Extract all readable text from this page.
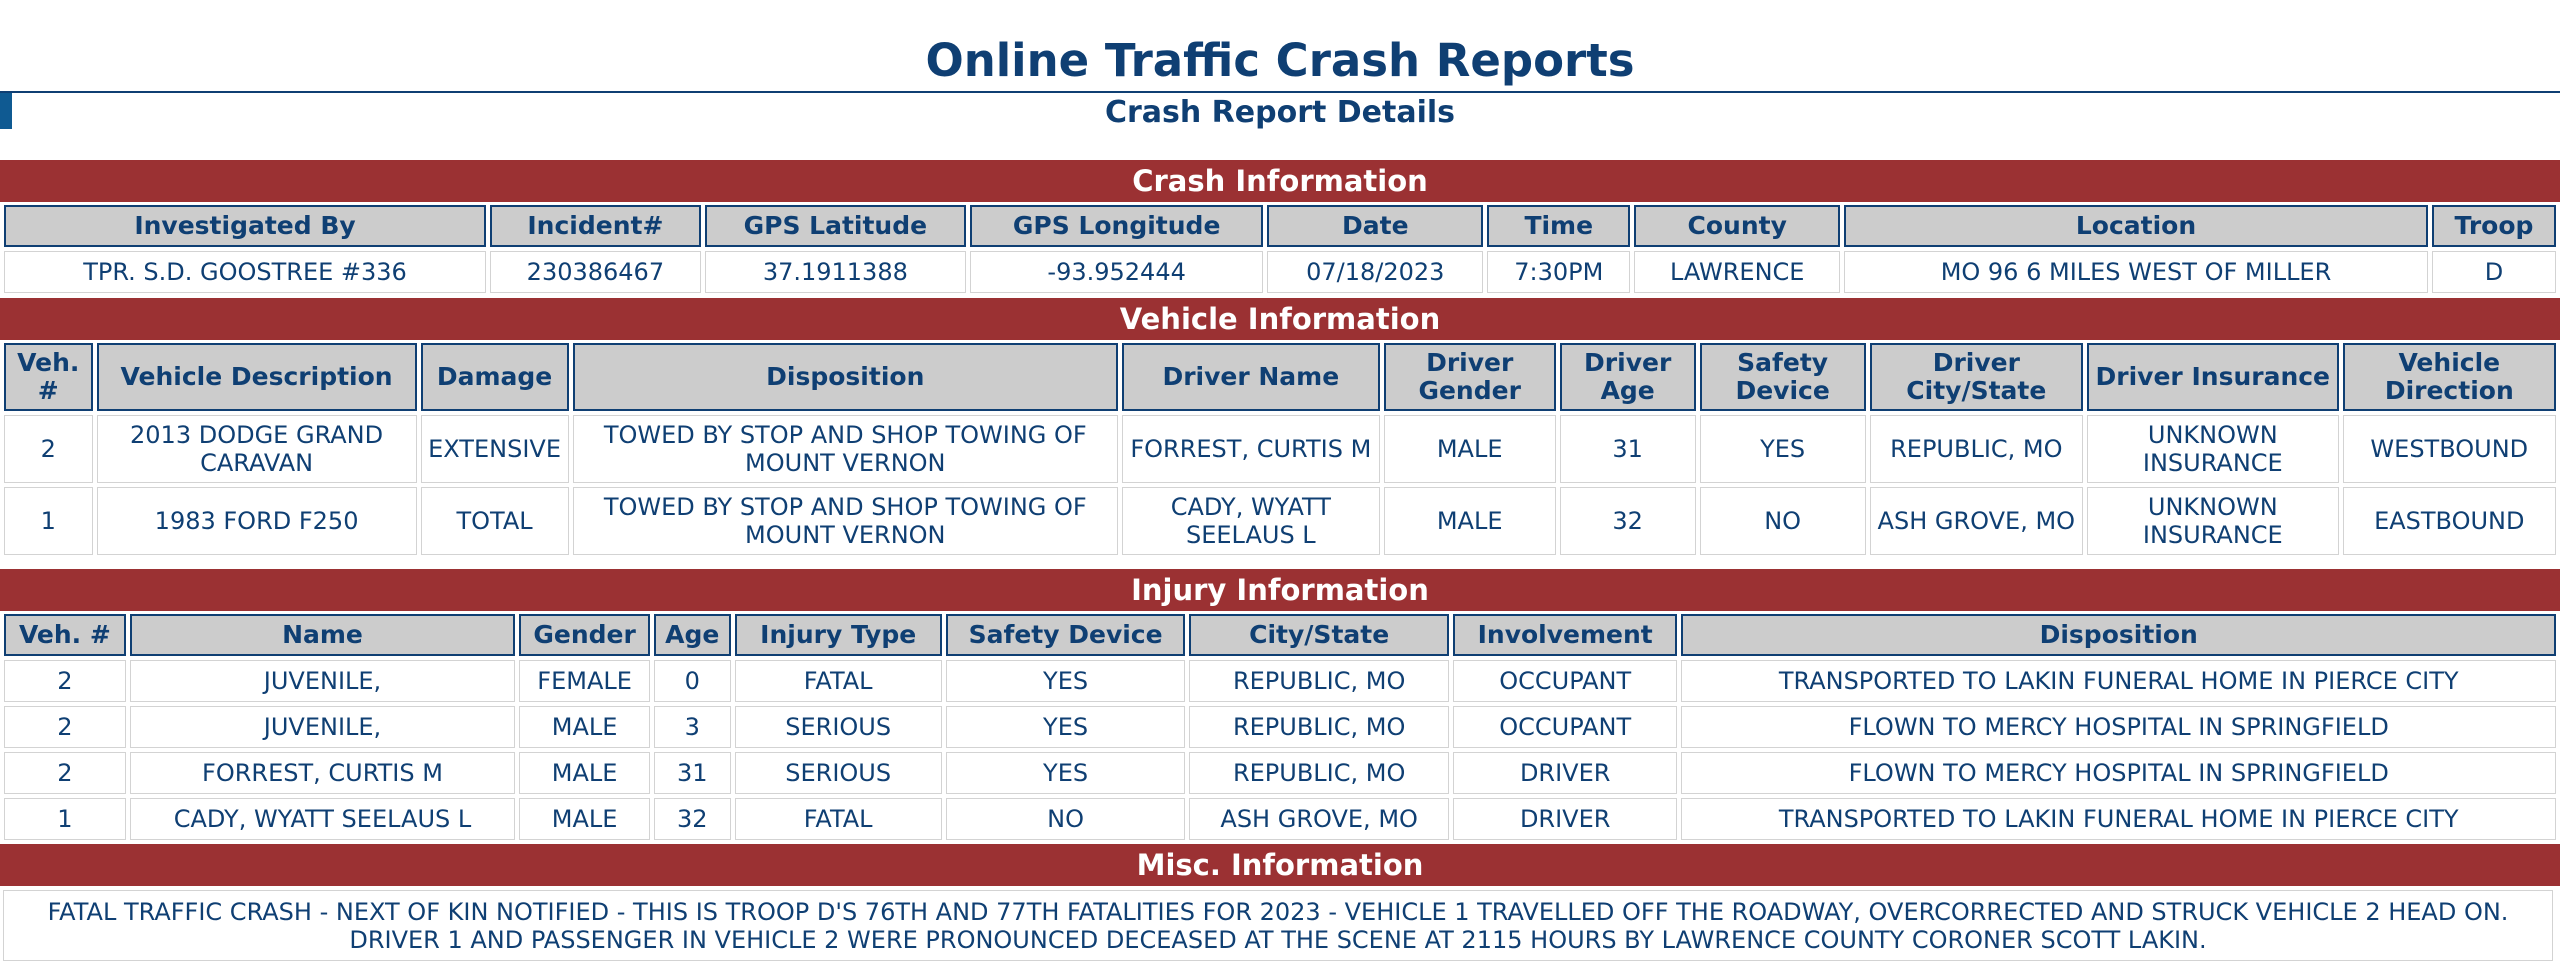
Online Traffic Crash Reports
Crash Report Details
Crash Information
Investigated By	Incident#	GPS Latitude	GPS Longitude	Date	Time	County	Location	Troop
TPR. S.D. GOOSTREE #336	230386467	37.1911388	-93.952444	07/18/2023	7:30PM	LAWRENCE	MO 96 6 MILES WEST OF MILLER	D
Vehicle Information
Veh. #	Vehicle Description	Damage	Disposition	Driver Name	Driver Gender	Driver Age	Safety Device	Driver City/State	Driver Insurance	Vehicle Direction
2	2013 DODGE GRAND CARAVAN	EXTENSIVE	TOWED BY STOP AND SHOP TOWING OF MOUNT VERNON	FORREST, CURTIS M	MALE	31	YES	REPUBLIC, MO	UNKNOWN INSURANCE	WESTBOUND
1	1983 FORD F250	TOTAL	TOWED BY STOP AND SHOP TOWING OF MOUNT VERNON	CADY, WYATT SEELAUS L	MALE	32	NO	ASH GROVE, MO	UNKNOWN INSURANCE	EASTBOUND
Injury Information
Veh. #	Name	Gender	Age	Injury Type	Safety Device	City/State	Involvement	Disposition
2	JUVENILE,	FEMALE	0	FATAL	YES	REPUBLIC, MO	OCCUPANT	TRANSPORTED TO LAKIN FUNERAL HOME IN PIERCE CITY
2	JUVENILE,	MALE	3	SERIOUS	YES	REPUBLIC, MO	OCCUPANT	FLOWN TO MERCY HOSPITAL IN SPRINGFIELD
2	FORREST, CURTIS M	MALE	31	SERIOUS	YES	REPUBLIC, MO	DRIVER	FLOWN TO MERCY HOSPITAL IN SPRINGFIELD
1	CADY, WYATT SEELAUS L	MALE	32	FATAL	NO	ASH GROVE, MO	DRIVER	TRANSPORTED TO LAKIN FUNERAL HOME IN PIERCE CITY
Misc. Information
FATAL TRAFFIC CRASH - NEXT OF KIN NOTIFIED - THIS IS TROOP D'S 76TH AND 77TH FATALITIES FOR 2023 - VEHICLE 1 TRAVELLED OFF THE ROADWAY, OVERCORRECTED AND STRUCK VEHICLE 2 HEAD ON. DRIVER 1 AND PASSENGER IN VEHICLE 2 WERE PRONOUNCED DECEASED AT THE SCENE AT 2115 HOURS BY LAWRENCE COUNTY CORONER SCOTT LAKIN.
